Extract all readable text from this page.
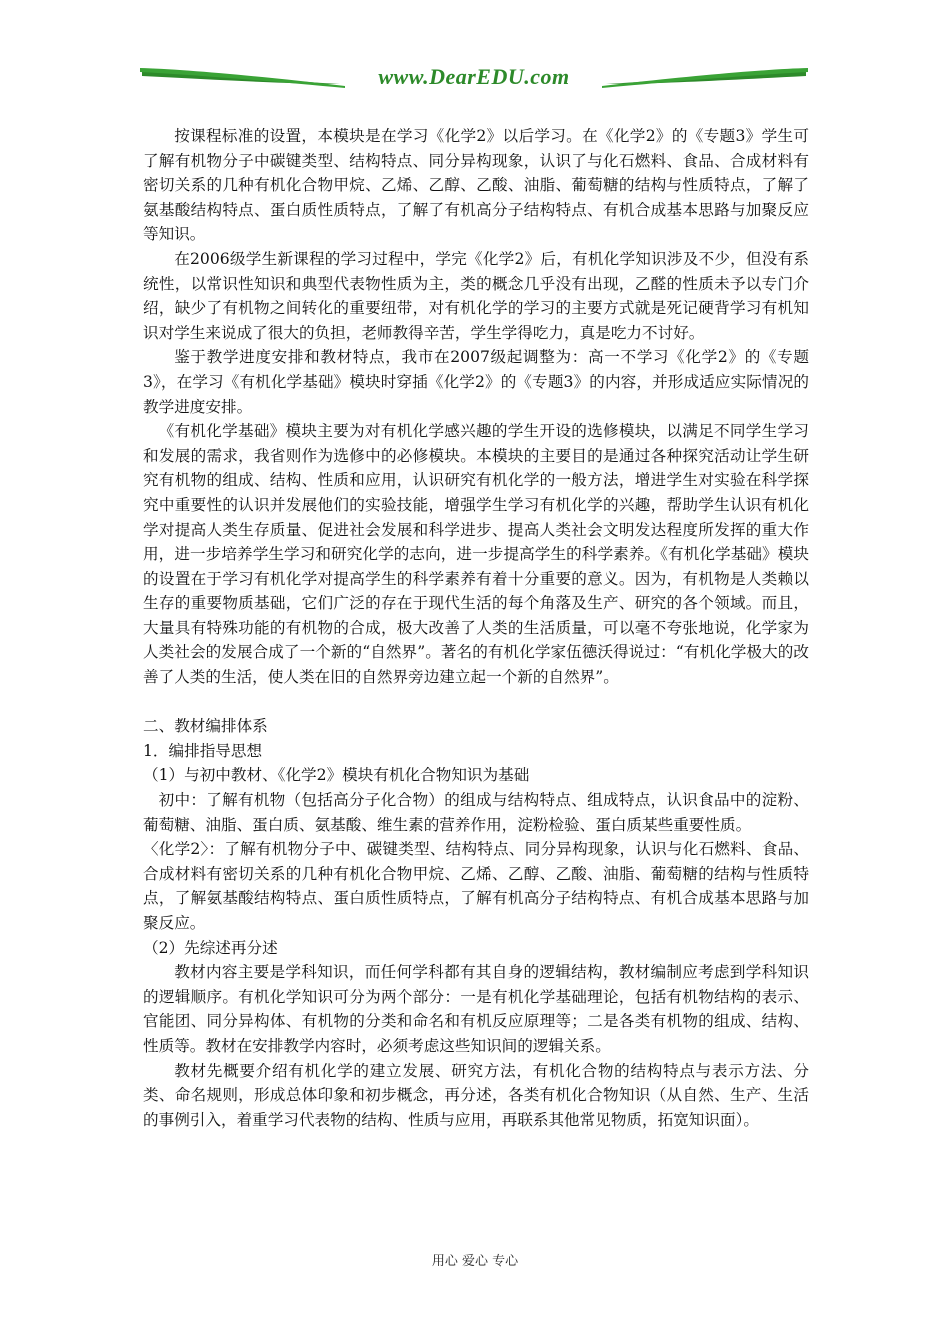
www.DearEDU.com

按课程标准的设置，本模块是在学习《化学2》以后学习。在《化学2》的《专题3》学生可了解有机物分子中碳键类型、结构特点、同分异构现象，认识了与化石燃料、食品、合成材料有密切关系的几种有机化合物甲烷、乙烯、乙醇、乙酸、油脂、葡萄糖的结构与性质特点，了解了氨基酸结构特点、蛋白质性质特点，了解了有机高分子结构特点、有机合成基本思路与加聚反应等知识。

在2006级学生新课程的学习过程中，学完《化学2》后，有机化学知识涉及不少，但没有系统性，以常识性知识和典型代表物性质为主，类的概念几乎没有出现，乙醛的性质未予以专门介绍，缺少了有机物之间转化的重要纽带，对有机化学的学习的主要方式就是死记硬背学习有机知识对学生来说成了很大的负担，老师教得辛苦，学生学得吃力，真是吃力不讨好。

鉴于教学进度安排和教材特点，我市在2007级起调整为：高一不学习《化学2》的《专题3》，在学习《有机化学基础》模块时穿插《化学2》的《专题3》的内容，并形成适应实际情况的教学进度安排。

《有机化学基础》模块主要为对有机化学感兴趣的学生开设的选修模块，以满足不同学生学习和发展的需求，我省则作为选修中的必修模块。本模块的主要目的是通过各种探究活动让学生研究有机物的组成、结构、性质和应用，认识研究有机化学的一般方法，增进学生对实验在科学探究中重要性的认识并发展他们的实验技能，增强学生学习有机化学的兴趣，帮助学生认识有机化学对提高人类生存质量、促进社会发展和科学进步、提高人类社会文明发达程度所发挥的重大作用，进一步培养学生学习和研究化学的志向，进一步提高学生的科学素养。《有机化学基础》模块的设置在于学习有机化学对提高学生的科学素养有着十分重要的意义。因为，有机物是人类赖以生存的重要物质基础，它们广泛的存在于现代生活的每个角落及生产、研究的各个领域。而且，大量具有特殊功能的有机物的合成，极大改善了人类的生活质量，可以毫不夸张地说，化学家为人类社会的发展合成了一个新的“自然界”。著名的有机化学家伍德沃得说过：“有机化学极大的改善了人类的生活，使人类在旧的自然界旁边建立起一个新的自然界”。

二、教材编排体系

1．编排指导思想

（1）与初中教材、《化学2》模块有机化合物知识为基础

初中：了解有机物（包括高分子化合物）的组成与结构特点、组成特点，认识食品中的淀粉、葡萄糖、油脂、蛋白质、氨基酸、维生素的营养作用，淀粉检验、蛋白质某些重要性质。

〈化学2〉：了解有机物分子中、碳键类型、结构特点、同分异构现象，认识与化石燃料、食品、合成材料有密切关系的几种有机化合物甲烷、乙烯、乙醇、乙酸、油脂、葡萄糖的结构与性质特点，了解氨基酸结构特点、蛋白质性质特点，了解有机高分子结构特点、有机合成基本思路与加聚反应。

（2）先综述再分述

教材内容主要是学科知识，而任何学科都有其自身的逻辑结构，教材编制应考虑到学科知识的逻辑顺序。有机化学知识可分为两个部分：一是有机化学基础理论，包括有机物结构的表示、官能团、同分异构体、有机物的分类和命名和有机反应原理等；二是各类有机物的组成、结构、性质等。教材在安排教学内容时，必须考虑这些知识间的逻辑关系。

教材先概要介绍有机化学的建立发展、研究方法，有机化合物的结构特点与表示方法、分类、命名规则，形成总体印象和初步概念，再分述，各类有机化合物知识（从自然、生产、生活的事例引入，着重学习代表物的结构、性质与应用，再联系其他常见物质，拓宽知识面）。

用心 爱心 专心
